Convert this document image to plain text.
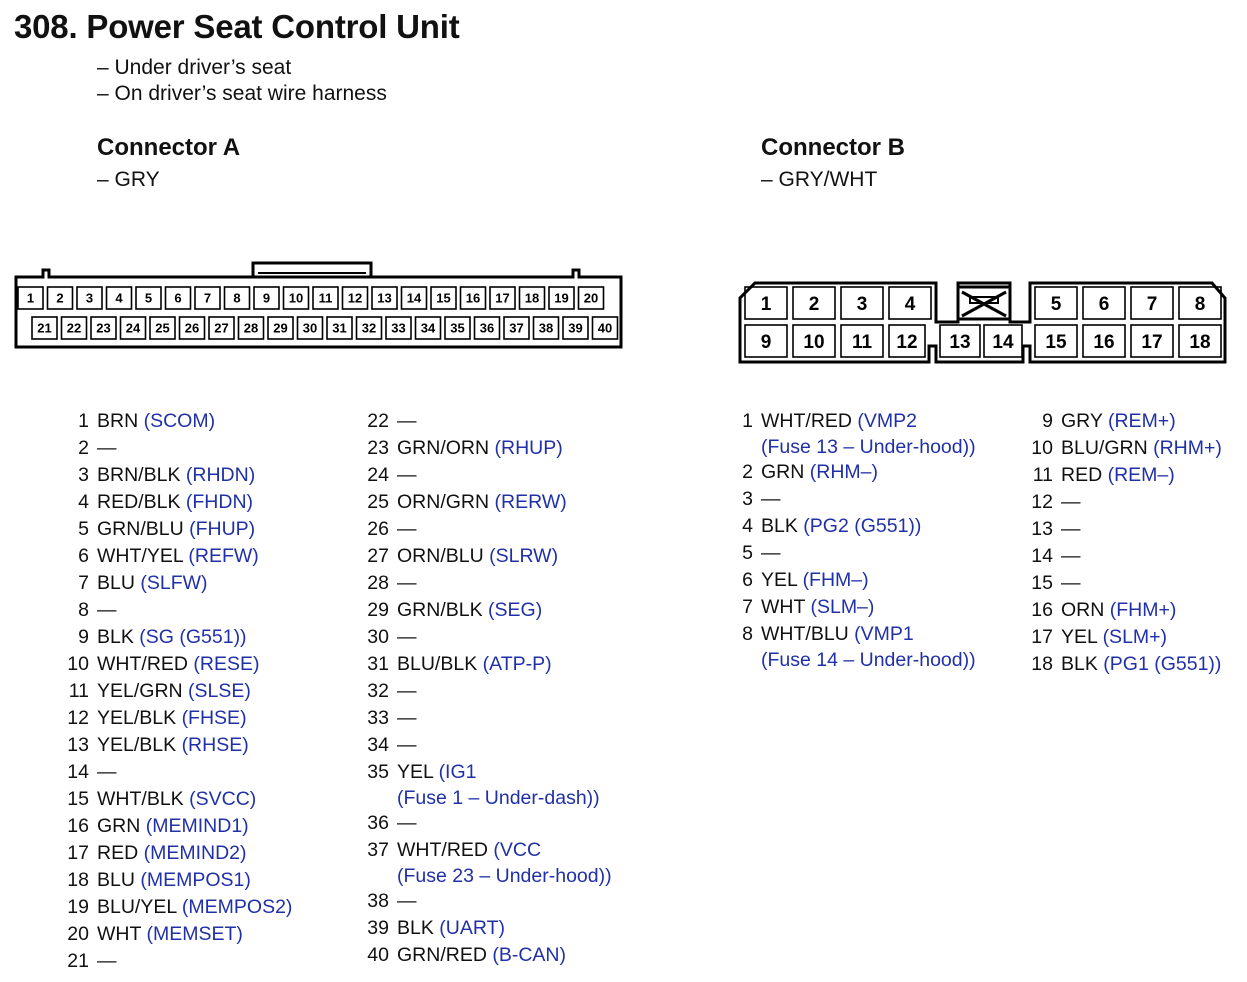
308. Power Seat Control Unit
– Under driver’s seat
– On driver’s seat wire harness
Connector A
– GRY
Connector B
– GRY/WHT
1 2 3 4 5 6 7 8 9 10 11 12 13 14 15 16 17 18 19 20
21 22 23 24 25 26 27 28 29 30 31 32 33 34 35 36 37 38 39 40
1 2 3 4	5 6 7 8
9 10 11 12 13 14 15 16 17 18
1 BRN (SCOM)
2 —
3 BRN/BLK (RHDN)
4 RED/BLK (FHDN)
5 GRN/BLU (FHUP)
6 WHT/YEL (REFW)
7 BLU (SLFW)
8 —
9 BLK (SG (G551))
10 WHT/RED (RESE)
11 YEL/GRN (SLSE)
12 YEL/BLK (FHSE)
13 YEL/BLK (RHSE)
14 —
15 WHT/BLK (SVCC)
16 GRN (MEMIND1)
17 RED (MEMIND2)
18 BLU (MEMPOS1)
19 BLU/YEL (MEMPOS2)
20 WHT (MEMSET)
21 —
22 —
23 GRN/ORN (RHUP)
24 —
25 ORN/GRN (RERW)
26 —
27 ORN/BLU (SLRW)
28 —
29 GRN/BLK (SEG)
30 —
31 BLU/BLK (ATP-P)
32 —
33 —
34 —
35 YEL (IG1
(Fuse 1 – Under-dash))
36 —
37 WHT/RED (VCC
(Fuse 23 – Under-hood))
38 —
39 BLK (UART)
40 GRN/RED (B-CAN)
1 WHT/RED (VMP2
(Fuse 13 – Under-hood))
2 GRN (RHM–)
3 —
4 BLK (PG2 (G551))
5 —
6 YEL (FHM–)
7 WHT (SLM–)
8 WHT/BLU (VMP1
(Fuse 14 – Under-hood))
9 GRY (REM+)
10 BLU/GRN (RHM+)
11 RED (REM–)
12 —
13 —
14 —
15 —
16 ORN (FHM+)
17 YEL (SLM+)
18 BLK (PG1 (G551))
